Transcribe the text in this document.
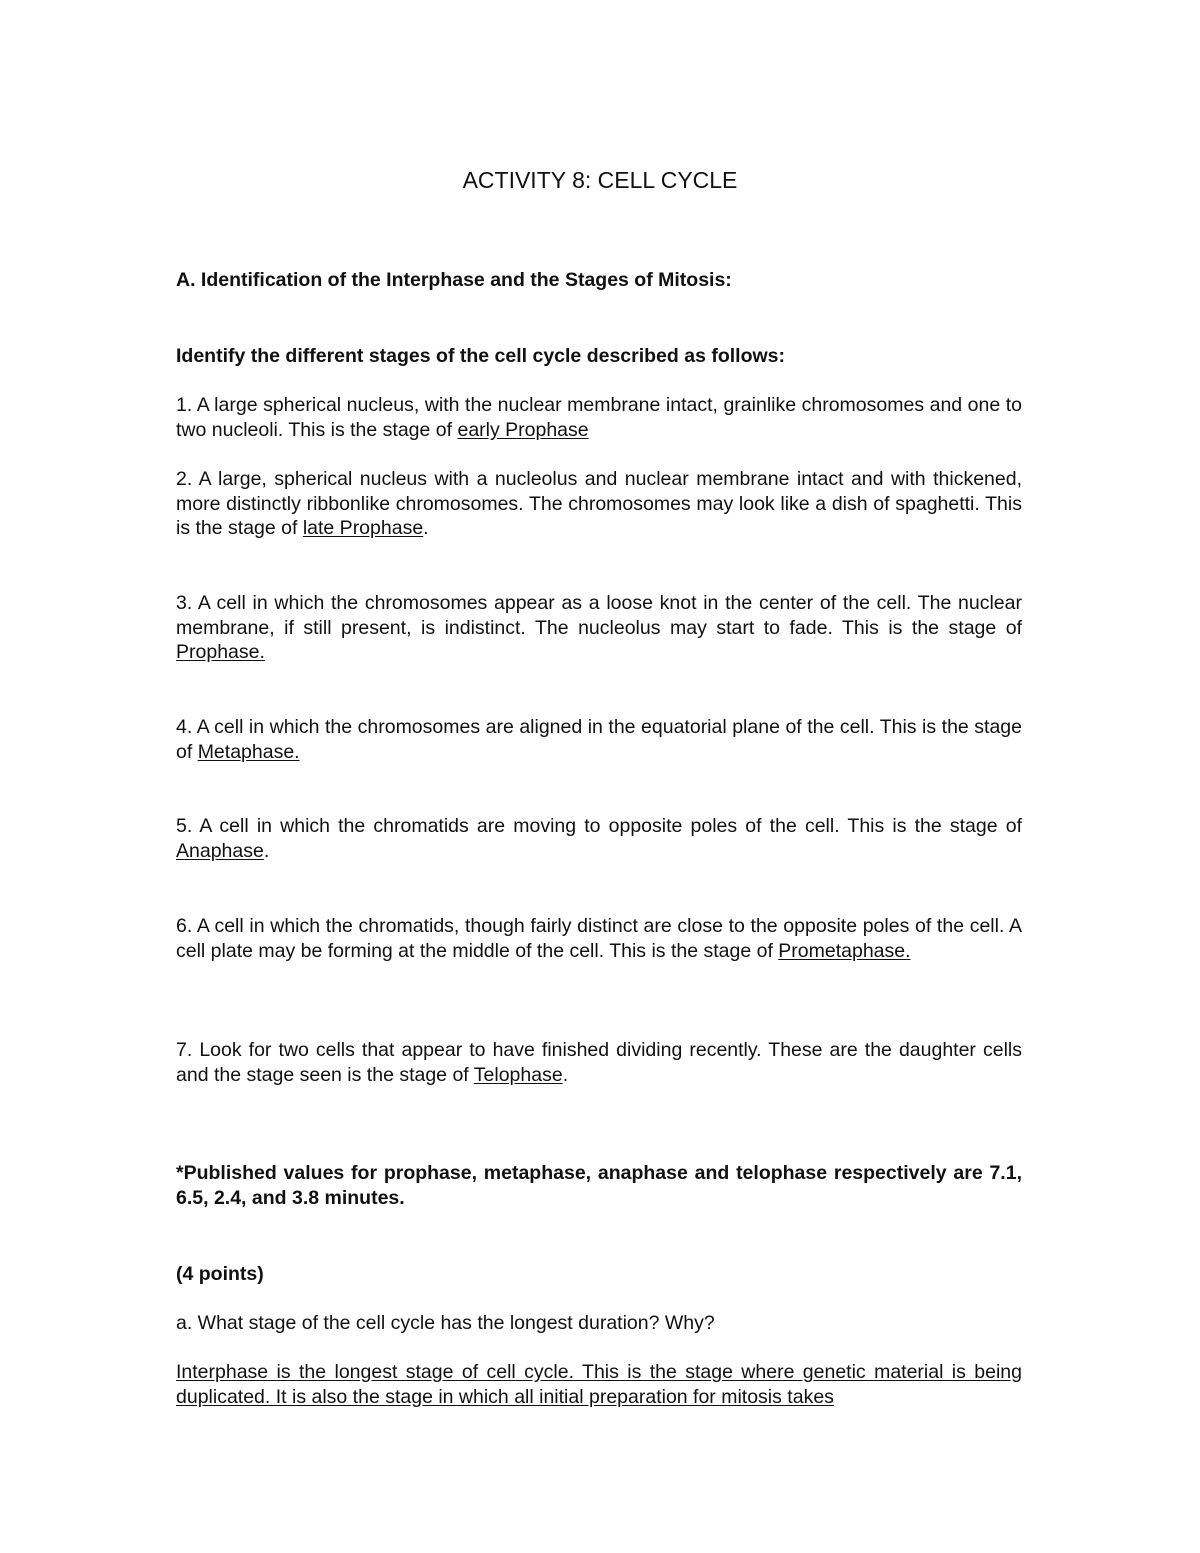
ACTIVITY 8: CELL CYCLE
A. Identification of the Interphase and the Stages of Mitosis:
Identify the different stages of the cell cycle described as follows:
1. A large spherical nucleus, with the nuclear membrane intact, grainlike chromosomes and one to two nucleoli. This is the stage of early Prophase
2. A large, spherical nucleus with a nucleolus and nuclear membrane intact and with thickened, more distinctly ribbonlike chromosomes. The chromosomes may look like a dish of spaghetti. This is the stage of late Prophase.
3. A cell in which the chromosomes appear as a loose knot in the center of the cell. The nuclear membrane, if still present, is indistinct. The nucleolus may start to fade. This is the stage of Prophase.
4. A cell in which the chromosomes are aligned in the equatorial plane of the cell. This is the stage of Metaphase.
5. A cell in which the chromatids are moving to opposite poles of the cell. This is the stage of Anaphase.
6. A cell in which the chromatids, though fairly distinct are close to the opposite poles of the cell. A cell plate may be forming at the middle of the cell. This is the stage of Prometaphase.
7. Look for two cells that appear to have finished dividing recently. These are the daughter cells and the stage seen is the stage of Telophase.
*Published values for prophase, metaphase, anaphase and telophase respectively are 7.1, 6.5, 2.4, and 3.8 minutes.
(4 points)
a. What stage of the cell cycle has the longest duration? Why?
Interphase is the longest stage of cell cycle. This is the stage where genetic material is being duplicated. It is also the stage in which all initial preparation for mitosis takes
